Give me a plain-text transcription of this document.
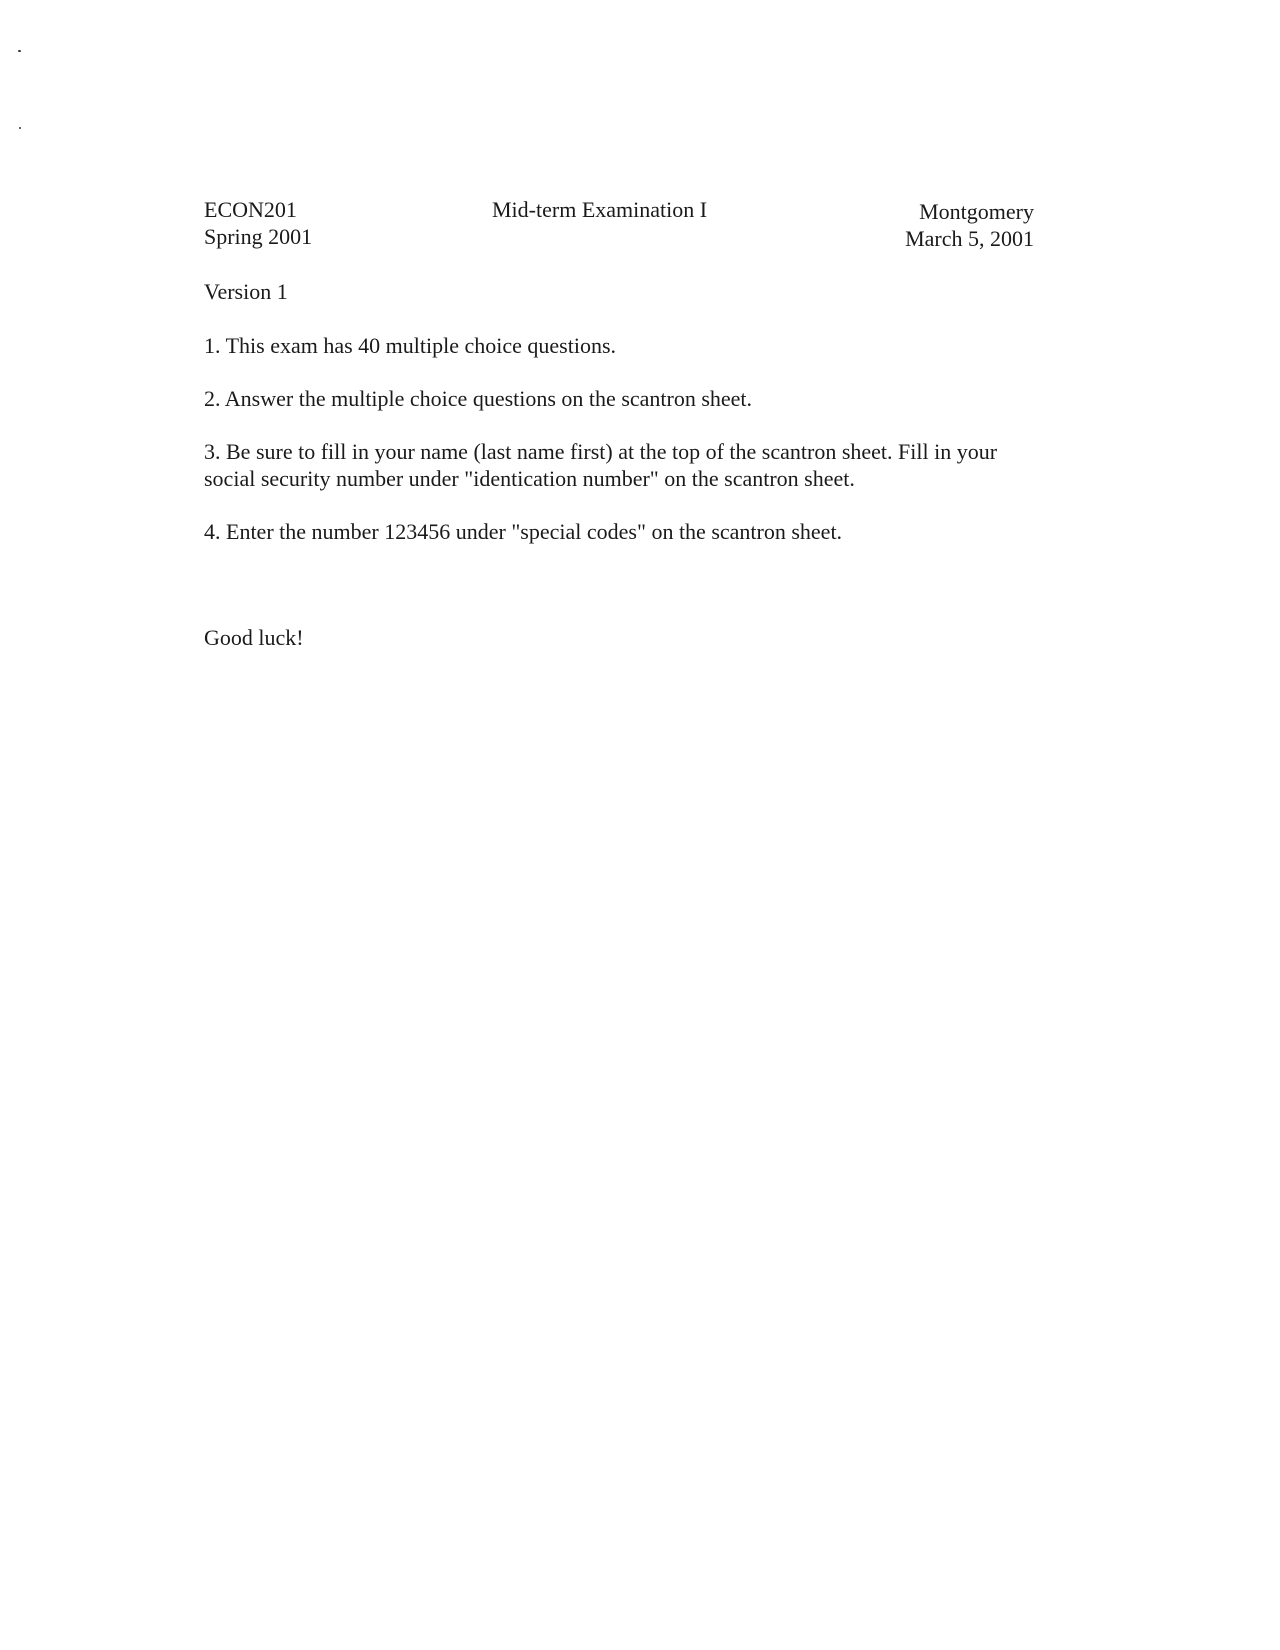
ECON201
Spring 2001
Mid-term Examination I	Montgomery
March 5, 2001
Version 1
1. This exam has 40 multiple choice questions.
2. Answer the multiple choice questions on the scantron sheet.
3. Be sure to fill in your name (last name first) at the top of the scantron sheet. Fill in your social security number under "identication number" on the scantron sheet.
4. Enter the number 123456 under "special codes" on the scantron sheet.
Good luck!
